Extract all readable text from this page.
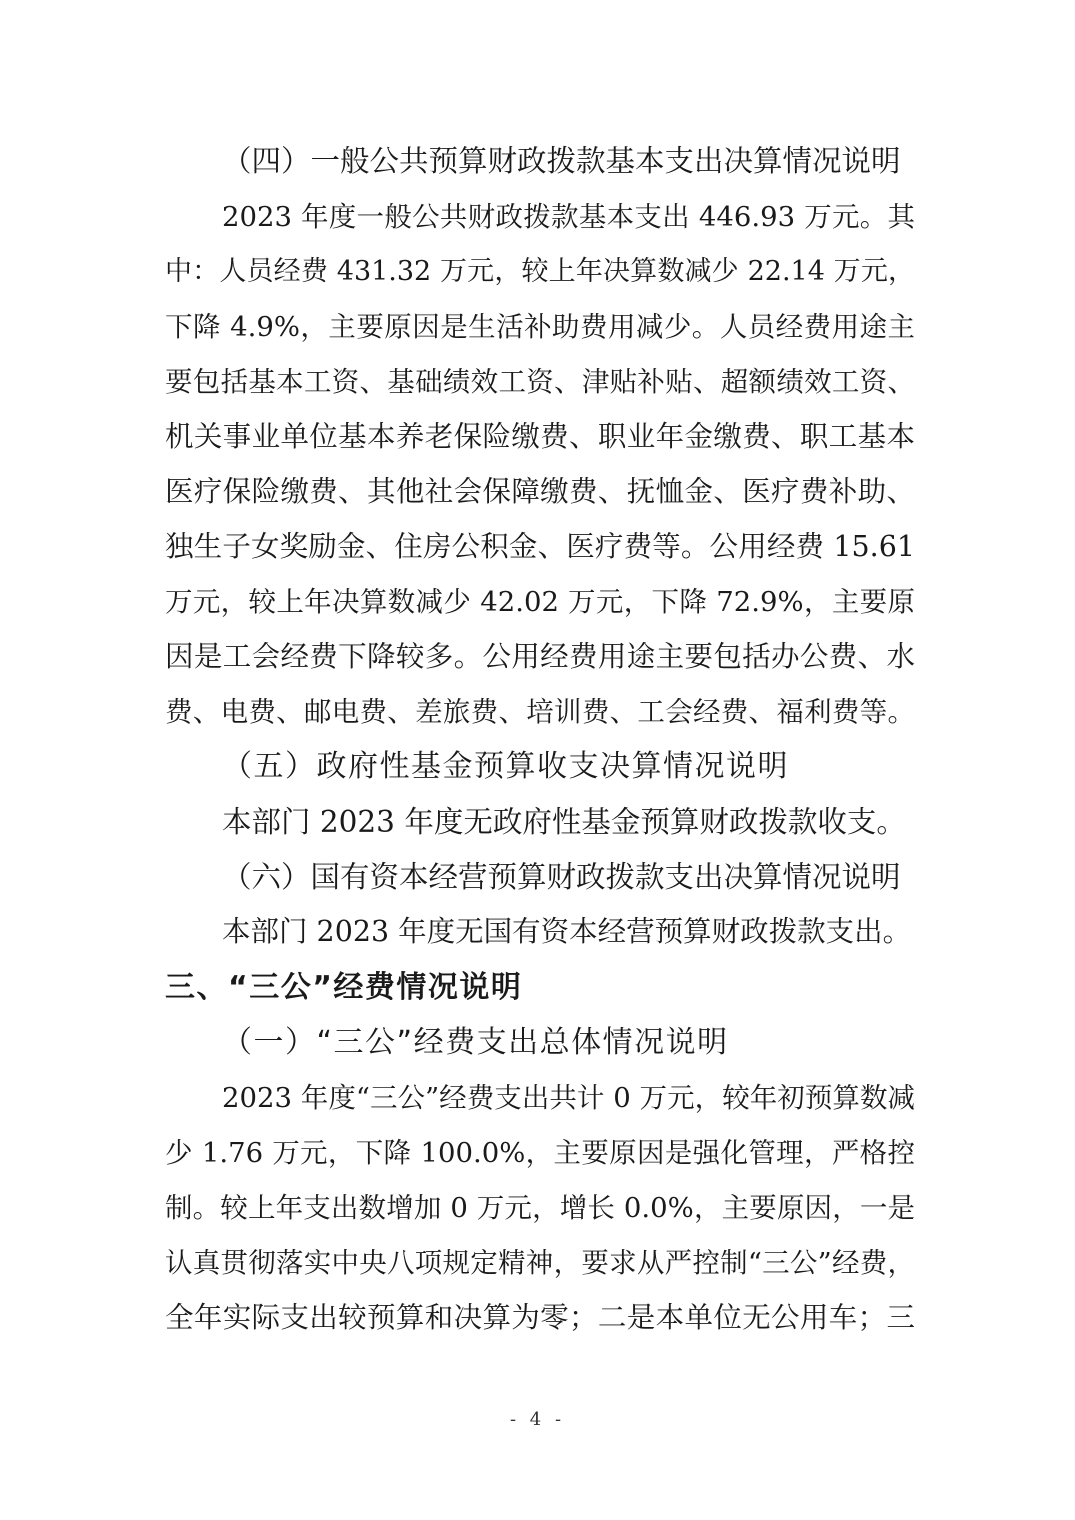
（四）一般公共预算财政拨款基本支出决算情况说明
2023 年度一般公共财政拨款基本支出 446.93 万元。其
中：人员经费 431.32 万元，较上年决算数减少 22.14 万元，
下降 4.9%，主要原因是生活补助费用减少。人员经费用途主
要包括基本工资、基础绩效工资、津贴补贴、超额绩效工资、
机关事业单位基本养老保险缴费、职业年金缴费、职工基本
医疗保险缴费、其他社会保障缴费、抚恤金、医疗费补助、
独生子女奖励金、住房公积金、医疗费等。公用经费 15.61
万元，较上年决算数减少 42.02 万元，下降 72.9%，主要原
因是工会经费下降较多。公用经费用途主要包括办公费、水
费、电费、邮电费、差旅费、培训费、工会经费、福利费等。
（五）政府性基金预算收支决算情况说明
本部门 2023 年度无政府性基金预算财政拨款收支。
（六）国有资本经营预算财政拨款支出决算情况说明
本部门 2023 年度无国有资本经营预算财政拨款支出。
三、“三公”经费情况说明
（一）“三公”经费支出总体情况说明
2023 年度“三公”经费支出共计 0 万元，较年初预算数减
少 1.76 万元，下降 100.0%，主要原因是强化管理，严格控
制。较上年支出数增加 0 万元，增长 0.0%，主要原因，一是
认真贯彻落实中央八项规定精神，要求从严控制“三公”经费，
全年实际支出较预算和决算为零；二是本单位无公用车；三
- 4 -
